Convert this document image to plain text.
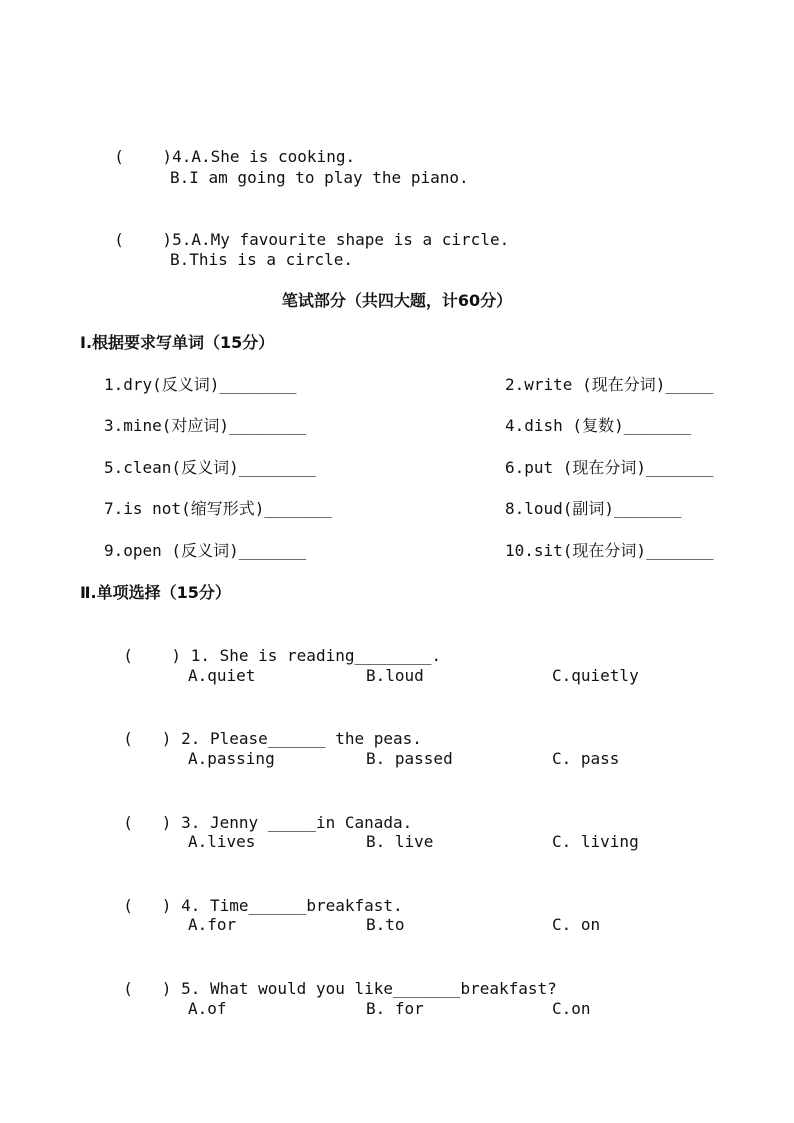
(    )4.A.She is cooking.

B.I am going to play the piano.

(    )5.A.My favourite shape is a circle.

B.This is a circle.
笔试部分（共四大题，计60分）
Ⅰ.根据要求写单词（15分）
1.dry(反义词)________	2.write (现在分词)_____
3.mine(对应词)________	4.dish (复数)_______
5.clean(反义词)________	6.put (现在分词)_______
7.is not(缩写形式)_______	8.loud(副词)_______
9.open (反义词)_______	10.sit(现在分词)_______
Ⅱ.单项选择（15分）

(    ) 1. She is reading________.

A.quiet	B.loud	C.quietly

(   ) 2. Please______ the peas.

A.passing	B. passed	C. pass

(   ) 3. Jenny _____in Canada.

A.lives	B. live	C. living

(   ) 4. Time______breakfast.

A.for	B.to	C. on

(   ) 5. What would you like_______breakfast?

A.of	B. for	C.on
